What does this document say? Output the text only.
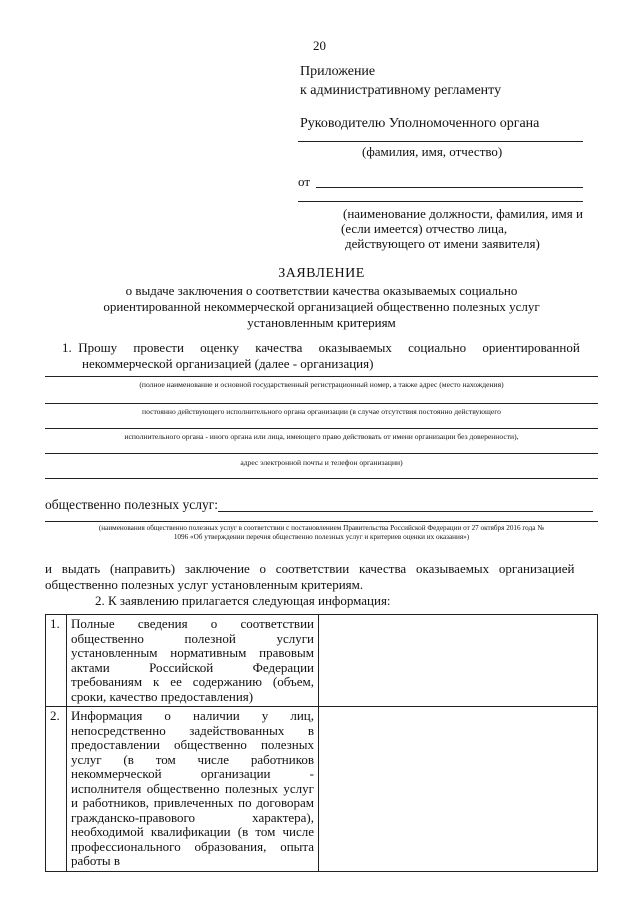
20
Приложение
к административному регламенту
Руководителю Уполномоченного органа
(фамилия, имя, отчество)
от
(наименование должности, фамилия, имя и
(если имеется) отчество лица,
действующего от имени заявителя)
ЗАЯВЛЕНИЕ
о выдаче заключения о соответствии качества оказываемых социально
ориентированной некоммерческой организацией общественно полезных услуг
установленным критериям
1.  Прошу     провести     оценку     качества     оказываемых     социально     ориентированной
некоммерческой организацией (далее - организация)
(полное наименование и основной государственный регистрационный номер, а также адрес (место нахождения)
постоянно действующего исполнительного органа организации (в случае отсутствия постоянно действующего
исполнительного органа - иного органа или лица, имеющего право действовать от имени организации без доверенности),
адрес электронной почты и телефон организации)
общественно полезных услуг:
(наименования общественно полезных услуг в соответствии с постановлением Правительства Российской Федерации от 27 октября 2016 года №
1096 «Об утверждении перечня общественно полезных услуг и критериев оценки их оказания»)
и   выдать   (направить)   заключение   о   соответствии   качества   оказываемых   организацией
общественно полезных услуг установленным критериям.
2. К заявлению прилагается следующая информация:
1.	Полные сведения о соответствии общественно полезной услуги установленным нормативным правовым актами Российской Федерации требованиям к ее содержанию (объем, сроки, качество предоставления)	
2.	Информация о наличии у лиц, непосредственно задействованных в предоставлении общественно полезных услуг (в том числе работников некоммерческой организации - исполнителя общественно полезных услуг и работников, привлеченных по договорам гражданско-правового характера), необходимой квалификации (в том числе профессионального образования, опыта работы в	
